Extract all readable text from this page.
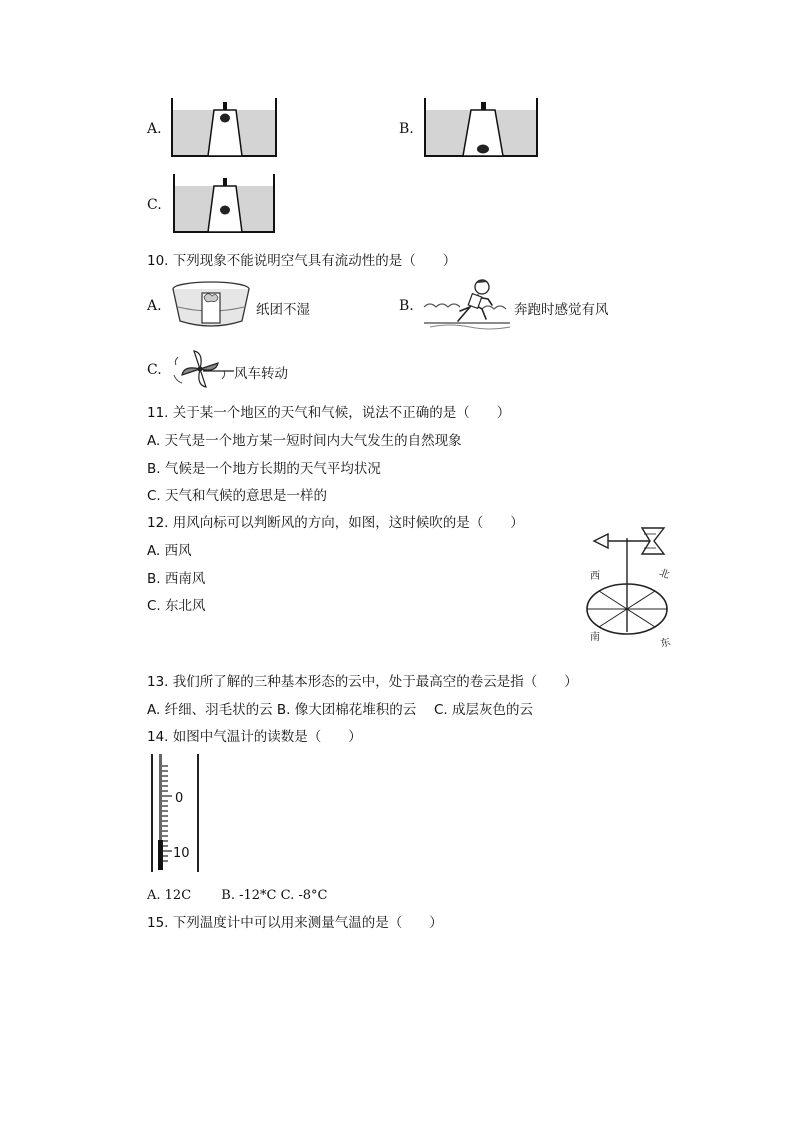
A.	B.
C.
10. 下列现象不能说明空气具有流动性的是（　　）
A.	纸团不湿	B.	奔跑时感觉有风
C.	风车转动
11. 关于某一个地区的天气和气候，说法不正确的是（　　）
A. 天气是一个地方某一短时间内大气发生的自然现象
B. 气候是一个地方长期的天气平均状况
C. 天气和气候的意思是一样的
12. 用风向标可以判断风的方向，如图，这时候吹的是（　　）
A. 西风
B. 西南风
C. 东北风
西	北
南	东
13. 我们所了解的三种基本形态的云中，处于最高空的卷云是指（　　）
A. 纤细、羽毛状的云 B. 像大团棉花堆积的云　 C. 成层灰色的云
14. 如图中气温计的读数是（　　）
0
10
A. 12C　　 B. -12*C C. -8°C
15. 下列温度计中可以用来测量气温的是（　　）
